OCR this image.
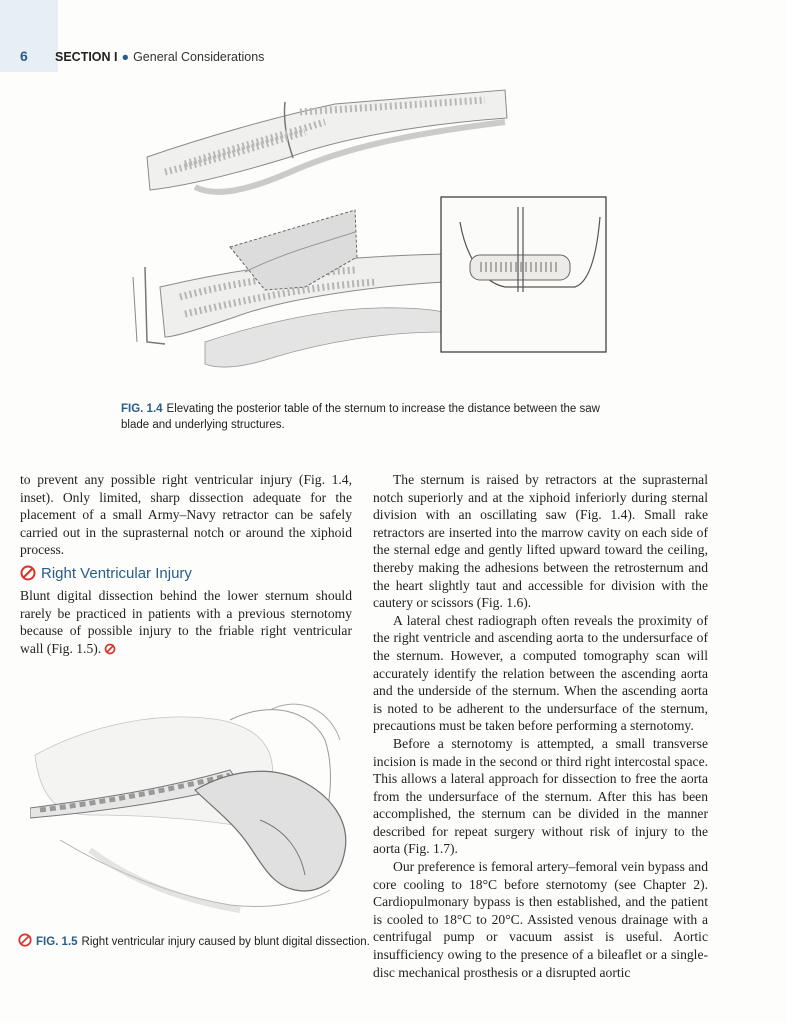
6 SECTION I ● General Considerations
FIG. 1.4 Elevating the posterior table of the sternum to increase the distance between the saw blade and underlying structures.

to prevent any possible right ventricular injury (Fig. 1.4, inset). Only limited, sharp dissection adequate for the placement of a small Army–Navy retractor can be safely carried out in the suprasternal notch or around the xiphoid process.

Right Ventricular Injury

Blunt digital dissection behind the lower sternum should rarely be practiced in patients with a previous sternotomy because of possible injury to the friable right ventricular wall (Fig. 1.5).

FIG. 1.5 Right ventricular injury caused by blunt digital dissection.

The sternum is raised by retractors at the suprasternal notch superiorly and at the xiphoid inferiorly during sternal division with an oscillating saw (Fig. 1.4). Small rake retractors are inserted into the marrow cavity on each side of the sternal edge and gently lifted upward toward the ceiling, thereby making the adhesions between the retrosternum and the heart slightly taut and accessible for division with the cautery or scissors (Fig. 1.6).

A lateral chest radiograph often reveals the proximity of the right ventricle and ascending aorta to the undersurface of the sternum. However, a computed tomography scan will accurately identify the relation between the ascending aorta and the underside of the sternum. When the ascending aorta is noted to be adherent to the undersurface of the sternum, precautions must be taken before performing a sternotomy.

Before a sternotomy is attempted, a small transverse incision is made in the second or third right intercostal space. This allows a lateral approach for dissection to free the aorta from the undersurface of the sternum. After this has been accomplished, the sternum can be divided in the manner described for repeat surgery without risk of injury to the aorta (Fig. 1.7).

Our preference is femoral artery–femoral vein bypass and core cooling to 18°C before sternotomy (see Chapter 2). Cardiopulmonary bypass is then established, and the patient is cooled to 18°C to 20°C. Assisted venous drainage with a centrifugal pump or vacuum assist is useful. Aortic insufficiency owing to the presence of a bileaflet or a single-disc mechanical prosthesis or a disrupted aortic
